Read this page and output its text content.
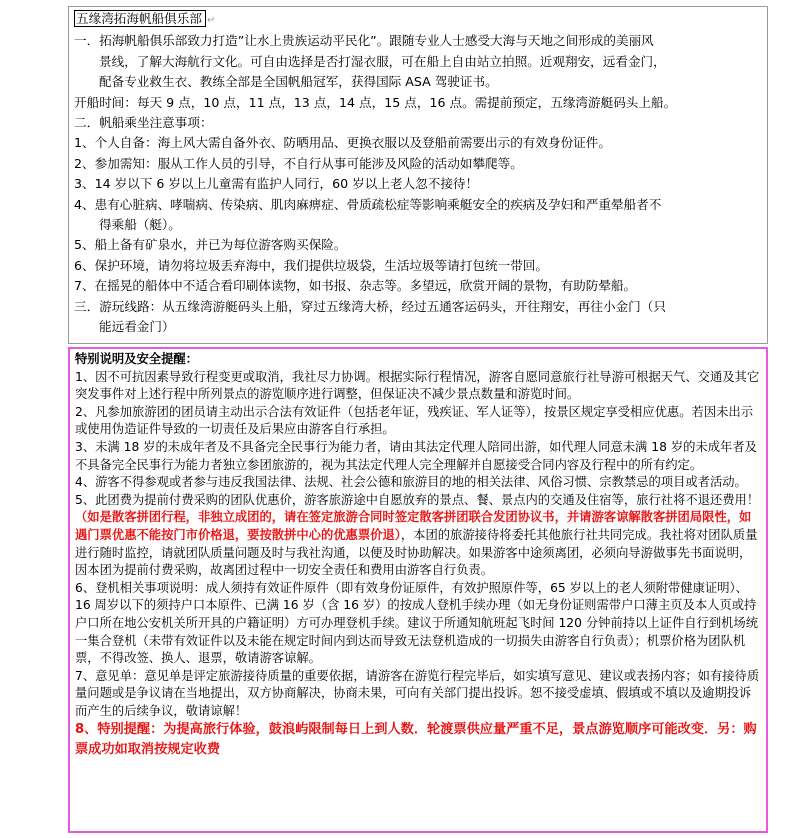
五缘湾拓海帆船俱乐部 ↵
一．拓海帆船俱乐部致力打造”让水上贵族运动平民化”。跟随专业人士感受大海与天地之间形成的美丽风
景线，了解大海航行文化。可自由选择是否打湿衣服，可在船上自由站立拍照。近观翔安，远看金门，
配备专业救生衣、教练全部是全国帆船冠军，获得国际 ASA 驾驶证书。
开船时间：每天 9 点，10 点，11 点，13 点，14 点，15 点，16 点。需提前预定，五缘湾游艇码头上船。
二．帆船乘坐注意事项：
1、个人自备：海上风大需自备外衣、防晒用品、更换衣服以及登船前需要出示的有效身份证件。
2、参加需知：服从工作人员的引导，不自行从事可能涉及风险的活动如攀爬等。
3、14 岁以下 6 岁以上儿童需有监护人同行，60 岁以上老人忽不接待！
4、患有心脏病、哮喘病、传染病、肌肉麻痹症、骨质疏松症等影响乘艇安全的疾病及孕妇和严重晕船者不
得乘船（艇）。
5、船上备有矿泉水，并已为每位游客购买保险。
6、保护环境，请勿将垃圾丢弃海中，我们提供垃圾袋，生活垃圾等请打包统一带回。
7、在摇晃的船体中不适合看印刷体读物，如书报、杂志等。多望远，欣赏开阔的景物，有助防晕船。
三．游玩线路：从五缘湾游艇码头上船，穿过五缘湾大桥，经过五通客运码头，开往翔安，再往小金门（只
能远看金门）

特别说明及安全提醒：

1、因不可抗因素导致行程变更或取消，我社尽力协调。根据实际行程情况，游客自愿同意旅行社导游可根据天气、交通及其它突发事件对上述行程中所列景点的游览顺序进行调整，但保证决不减少景点数量和游览时间。

2、凡参加旅游团的团员请主动出示合法有效证件（包括老年证，残疾证、军人证等），按景区规定享受相应优惠。若因未出示或使用伪造证件导致的一切责任及后果应由游客自行承担。

3、未满 18 岁的未成年者及不具备完全民事行为能力者，请由其法定代理人陪同出游，如代理人同意未满 18 岁的未成年者及不具备完全民事行为能力者独立参团旅游的，视为其法定代理人完全理解并自愿接受合同内容及行程中的所有约定。

4、游客不得参观或者参与违反我国法律、法规、社会公德和旅游目的地的相关法律、风俗习惯、宗教禁忌的项目或者活动。

5、此团费为提前付费采购的团队优惠价，游客旅游途中自愿放弃的景点、餐、景点内的交通及住宿等，旅行社将不退还费用！（如是散客拼团行程，非独立成团的，请在签定旅游合同时签定散客拼团联合发团协议书，并请游客谅解散客拼团局限性，如遇门票优惠不能按门市价格退，要按散拼中心的优惠票价退），本团的旅游接待将委托其他旅行社共同完成。我社将对团队质量进行随时监控，请就团队质量问题及时与我社沟通，以便及时协助解决。如果游客中途须离团，必须向导游做事先书面说明，因本团为提前付费采购，故离团过程中一切安全责任和费用由游客自行负责。

6、登机相关事项说明：成人须持有效证件原件（即有效身份证原件，有效护照原件等，65 岁以上的老人须附带健康证明）、16 周岁以下的须持户口本原件、已满 16 岁（含 16 岁）的按成人登机手续办理（如无身份证则需带户口薄主页及本人页或持户口所在地公安机关所开具的户籍证明）方可办理登机手续。建议于所通知航班起飞时间 120 分钟前持以上证件自行到机场统一集合登机（未带有效证件以及未能在规定时间内到达而导致无法登机造成的一切损失由游客自行负责）；机票价格为团队机票，不得改签、换人、退票，敬请游客谅解。

7、意见单：意见单是评定旅游接待质量的重要依据，请游客在游览行程完毕后，如实填写意见、建议或表扬内容；如有接待质量问题或是争议请在当地提出，双方协商解决，协商未果，可向有关部门提出投诉。恕不接受虚填、假填或不填以及逾期投诉而产生的后续争议，敬请谅解！

8、特别提醒：为提高旅行体验，鼓浪屿限制每日上到人数．轮渡票供应量严重不足，景点游览顺序可能改变．另：购票成功如取消按规定收费
